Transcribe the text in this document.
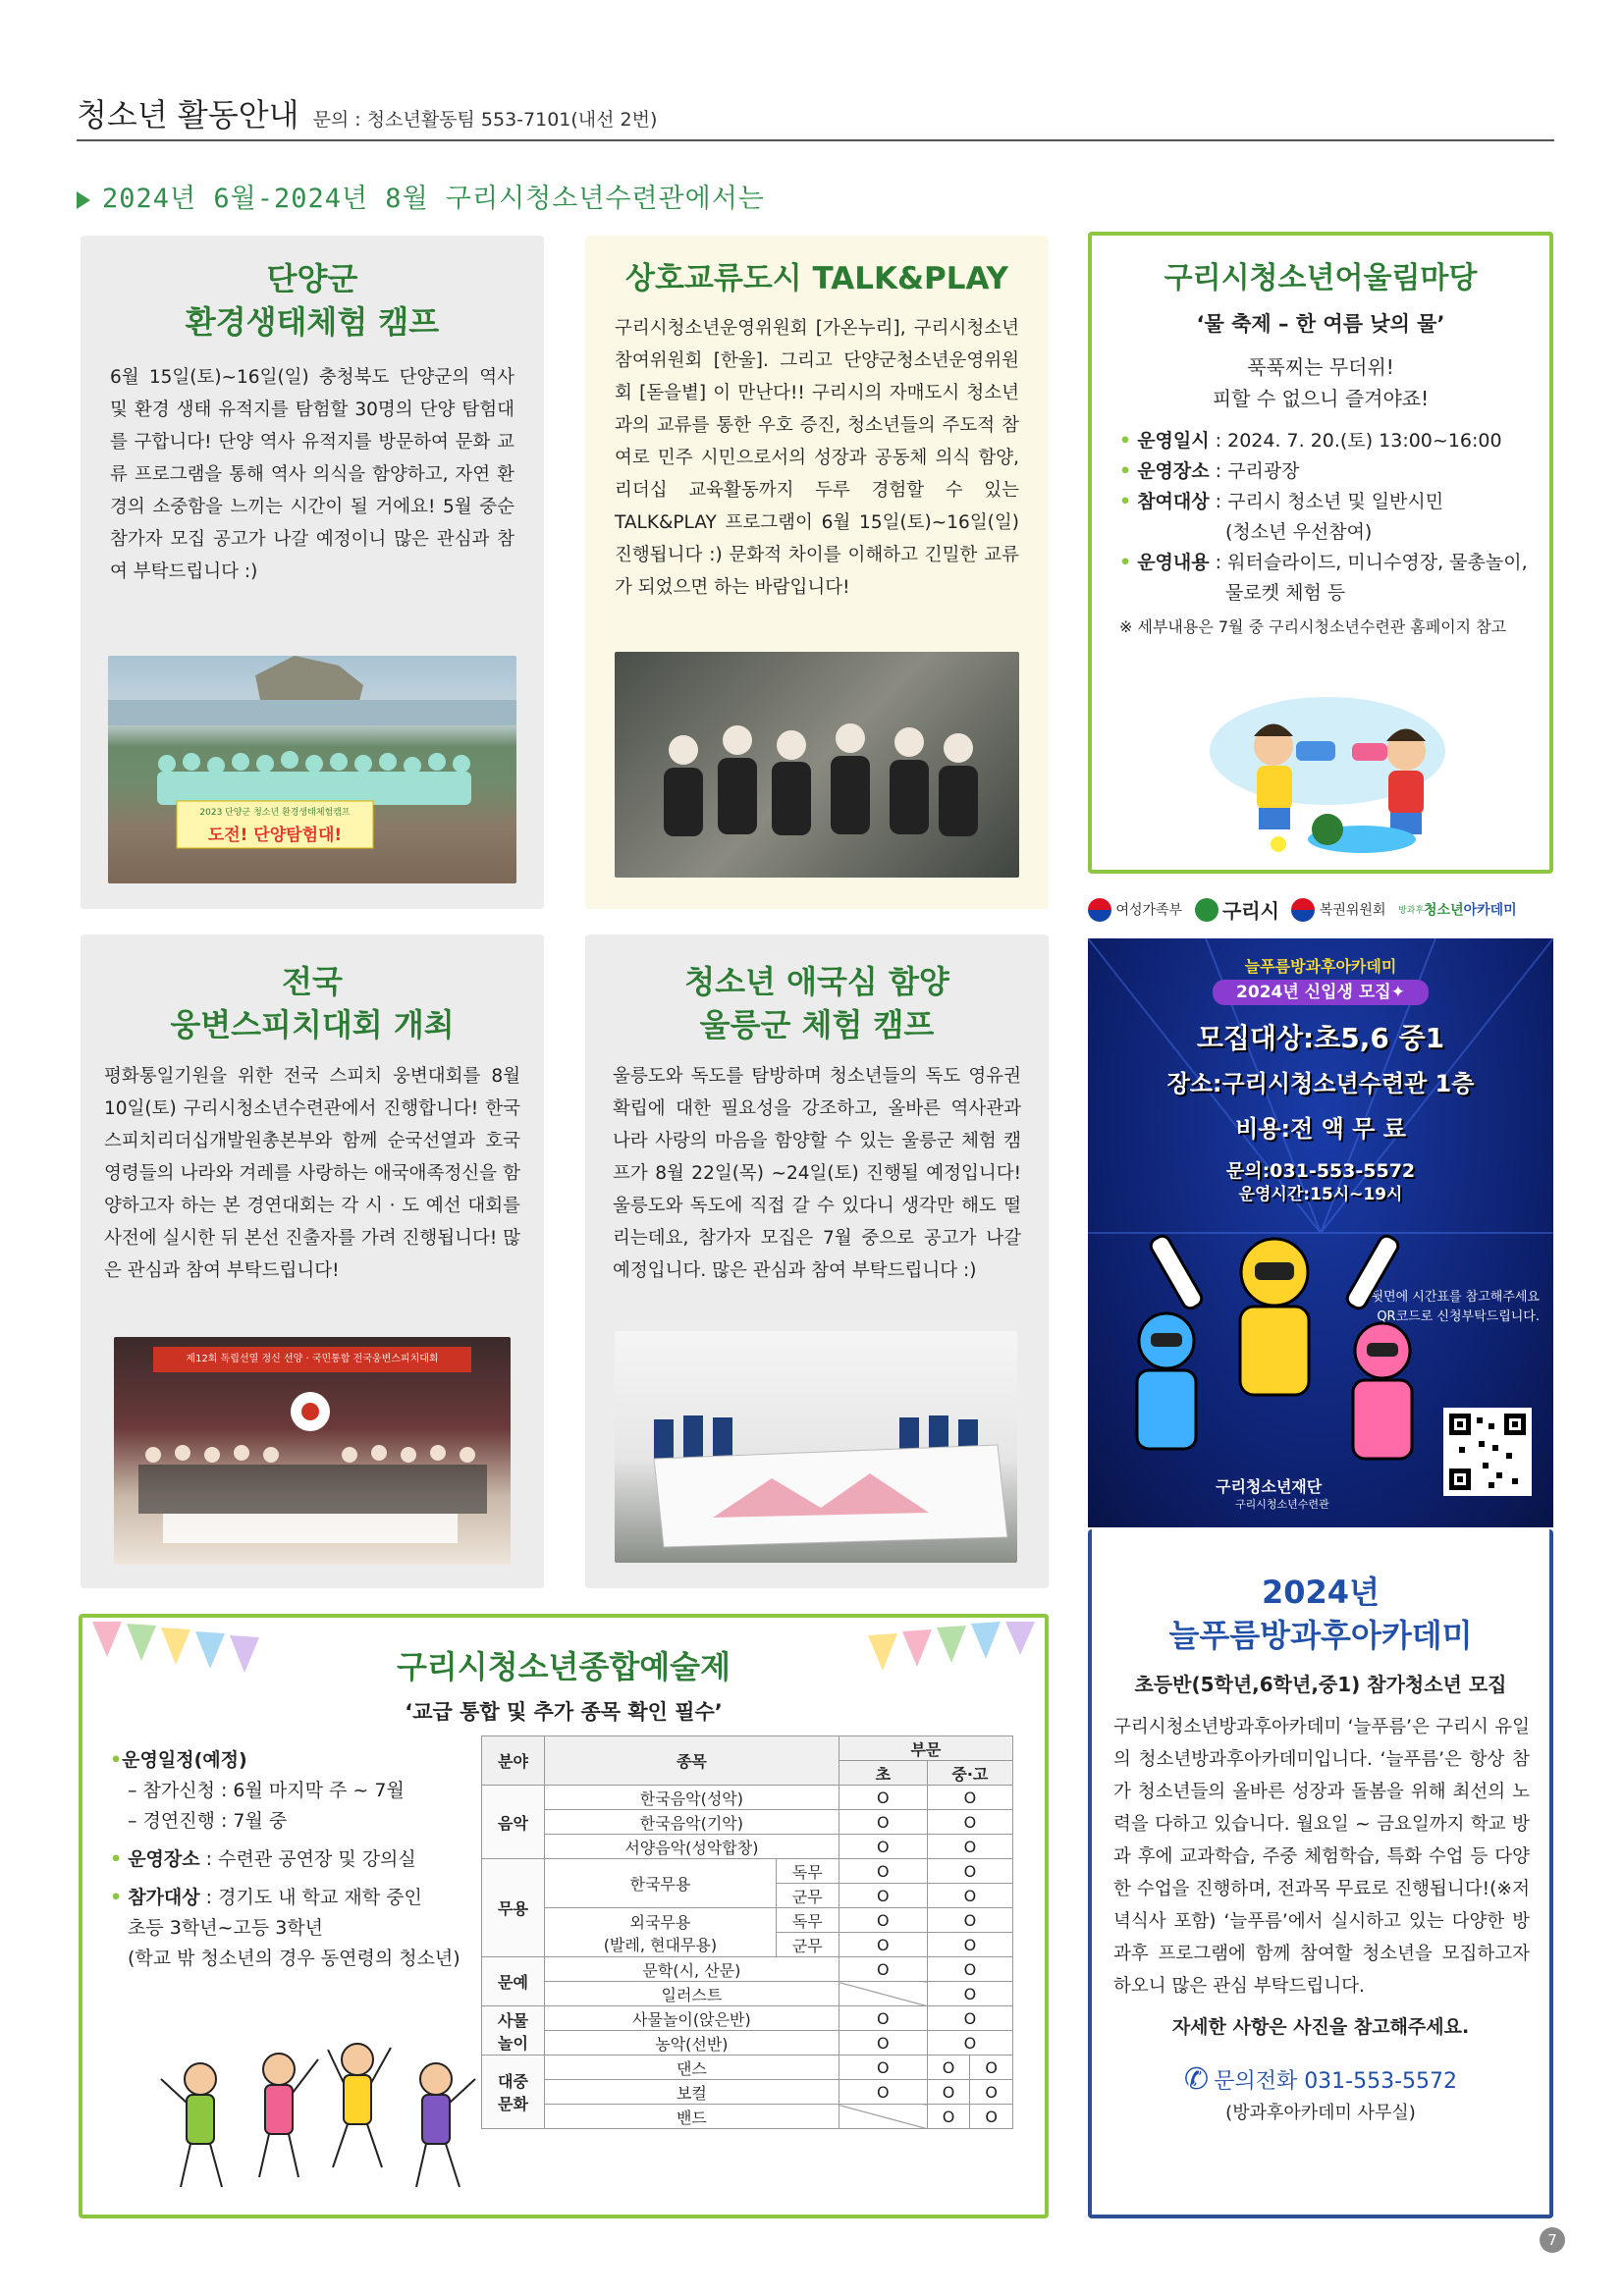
청소년 활동안내 문의 : 청소년활동팀 553-7101(내선 2번)
2024년 6월-2024년 8월 구리시청소년수련관에서는
단양군
환경생태체험 캠프
6월 15일(토)~16일(일) 충청북도 단양군의 역사 및 환경 생태 유적지를 탐험할 30명의 단양 탐험대를 구합니다! 단양 역사 유적지를 방문하여 문화 교류 프로그램을 통해 역사 의식을 함양하고, 자연 환경의 소중함을 느끼는 시간이 될 거에요! 5월 중순 참가자 모집 공고가 나갈 예정이니 많은 관심과 참여 부탁드립니다 :)
2023 단양군 청소년 환경생태체험캠프
도전! 단양탐험대!
상호교류도시 TALK&PLAY
구리시청소년운영위원회 [가온누리], 구리시청소년참여위원회 [한울]. 그리고 단양군청소년운영위원회 [돋을볕] 이 만난다!! 구리시의 자매도시 청소년과의 교류를 통한 우호 증진, 청소년들의 주도적 참여로 민주 시민으로서의 성장과 공동체 의식 함양, 리더십 교육활동까지 두루 경험할 수 있는 TALK&PLAY 프로그램이 6월 15일(토)~16일(일) 진행됩니다 :) 문화적 차이를 이해하고 긴밀한 교류가 되었으면 하는 바람입니다!
구리시청소년어울림마당
‘물 축제 – 한 여름 낮의 물’
푹푹찌는 무더위!
피할 수 없으니 즐겨야죠!
• 운영일시 : 2024. 7. 20.(토) 13:00~16:00
• 운영장소 : 구리광장
• 참여대상 : 구리시 청소년 및 일반시민
(청소년 우선참여)
• 운영내용 : 워터슬라이드, 미니수영장, 물총놀이,
물로켓 체험 등
※ 세부내용은 7월 중 구리시청소년수련관 홈페이지 참고
여성가족부 구리시	복권위원회 방과후청소년아카데미
전국
웅변스피치대회 개최
평화통일기원을 위한 전국 스피치 웅변대회를 8월 10일(토) 구리시청소년수련관에서 진행합니다! 한국스피치리더십개발원총본부와 함께 순국선열과 호국영령들의 나라와 겨레를 사랑하는 애국애족정신을 함양하고자 하는 본 경연대회는 각 시 · 도 예선 대회를 사전에 실시한 뒤 본선 진출자를 가려 진행됩니다! 많은 관심과 참여 부탁드립니다!
제12회 독립선열 정신 선양 · 국민통합 전국웅변스피치대회
청소년 애국심 함양
울릉군 체험 캠프
울릉도와 독도를 탐방하며 청소년들의 독도 영유권 확립에 대한 필요성을 강조하고, 올바른 역사관과 나라 사랑의 마음을 함양할 수 있는 울릉군 체험 캠프가 8월 22일(목) ~24일(토) 진행될 예정입니다! 울릉도와 독도에 직접 갈 수 있다니 생각만 해도 떨리는데요, 참가자 모집은 7월 중으로 공고가 나갈 예정입니다. 많은 관심과 참여 부탁드립니다 :)
늘푸름방과후아카데미
2024년 신입생 모집✦
모집대상:초5,6 중1
장소:구리시청소년수련관 1층
비용:전 액 무 료
문의:031-553-5572
운영시간:15시~19시
뒷면에 시간표를 참고해주세요
QR코드로 신청부탁드립니다.
구리청소년재단
구리시청소년수련관
2024년
늘푸름방과후아카데미
초등반(5학년,6학년,중1) 참가청소년 모집
구리시청소년방과후아카데미 ‘늘푸름’은 구리시 유일의 청소년방과후아카데미입니다. ‘늘푸름’은 항상 참가 청소년들의 올바른 성장과 돌봄을 위해 최선의 노력을 다하고 있습니다. 월요일 ~ 금요일까지 학교 방과 후에 교과학습, 주중 체험학습, 특화 수업 등 다양한 수업을 진행하며, 전과목 무료로 진행됩니다!(※저녁식사 포함) ‘늘푸름’에서 실시하고 있는 다양한 방과후 프로그램에 함께 참여할 청소년을 모집하고자 하오니 많은 관심 부탁드립니다.
자세한 사항은 사진을 참고해주세요.
✆ 문의전화 031-553-5572
(방과후아카데미 사무실)
구리시청소년종합예술제
‘교급 통합 및 추가 종목 확인 필수’
•운영일정(예정)
– 참가신청 : 6월 마지막 주 ~ 7월
– 경연진행 : 7월 중
• 운영장소 : 수련관 공연장 및 강의실
• 참가대상 : 경기도 내 학교 재학 중인
초등 3학년~고등 3학년
(학교 밖 청소년의 경우 동연령의 청소년)
분야	종목		부문		
			초	중·고	
음악	한국음악(성악)		O	O	
	한국음악(기악)		O	O	
	서양음악(성악합창)		O	O	
무용	한국무용	독무	O	O	
		군무	O	O	

	외국무용
(발레, 현대무용)	독무	O	O	
		군무	O	O	
문예	문학(시, 산문)		O	O	
	일러스트			O	

사물
놀이	사물놀이(앉은반)		O	O	
	농악(선반)		O	O	

대중
문화	댄스		O	O	O
	보컬		O	O	O
	밴드			O	O
7
